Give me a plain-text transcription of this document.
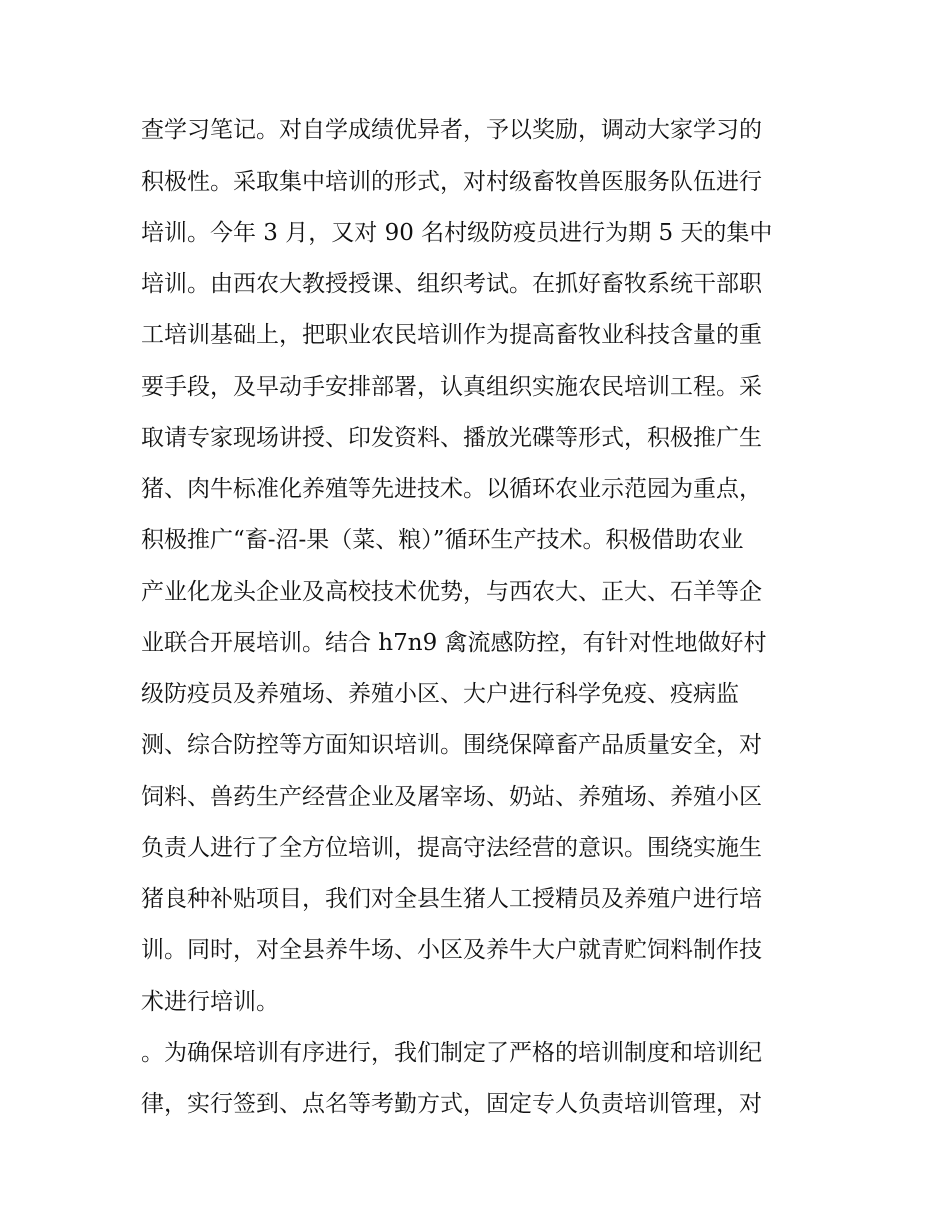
查学习笔记。对自学成绩优异者，予以奖励，调动大家学习的
积极性。采取集中培训的形式，对村级畜牧兽医服务队伍进行
培训。今年 3 月，又对 90 名村级防疫员进行为期 5 天的集中
培训。由西农大教授授课、组织考试。在抓好畜牧系统干部职
工培训基础上，把职业农民培训作为提高畜牧业科技含量的重
要手段，及早动手安排部署，认真组织实施农民培训工程。采
取请专家现场讲授、印发资料、播放光碟等形式，积极推广生
猪、肉牛标准化养殖等先进技术。以循环农业示范园为重点，
积极推广“畜-沼-果（菜、粮）”循环生产技术。积极借助农业
产业化龙头企业及高校技术优势，与西农大、正大、石羊等企
业联合开展培训。结合 h7n9 禽流感防控，有针对性地做好村
级防疫员及养殖场、养殖小区、大户进行科学免疫、疫病监
测、综合防控等方面知识培训。围绕保障畜产品质量安全，对
饲料、兽药生产经营企业及屠宰场、奶站、养殖场、养殖小区
负责人进行了全方位培训，提高守法经营的意识。围绕实施生
猪良种补贴项目，我们对全县生猪人工授精员及养殖户进行培
训。同时，对全县养牛场、小区及养牛大户就青贮饲料制作技
术进行培训。
。为确保培训有序进行，我们制定了严格的培训制度和培训纪
律，实行签到、点名等考勤方式，固定专人负责培训管理，对
